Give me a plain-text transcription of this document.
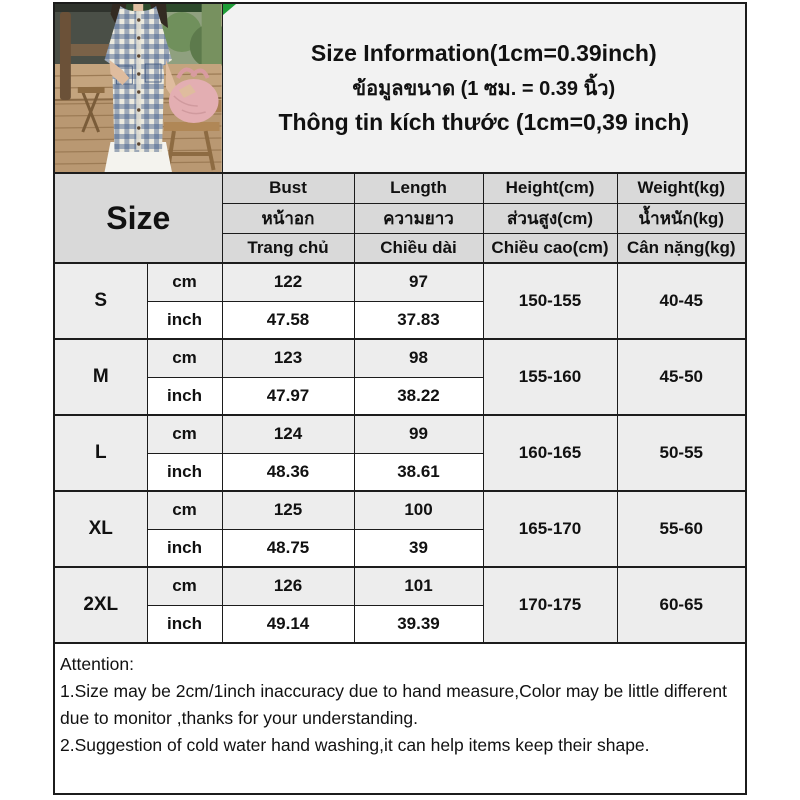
Size Information(1cm=0.39inch)
ข้อมูลขนาด (1 ซม. = 0.39 นิ้ว)
Thông tin kích thước (1cm=0,39 inch)			

Size		Bust	Length	Height(cm)	Weight(kg)
		หน้าอก	ความยาว	ส่วนสูง(cm)	น้ำหนัก(kg)
		Trang chủ	Chiều dài	Chiều cao(cm)	Cân nặng(kg)
S	cm	122	97	150-155	40-45
	inch	47.58	37.83		
M	cm	123	98	155-160	45-50
	inch	47.97	38.22		
L	cm	124	99	160-165	50-55
	inch	48.36	38.61		
XL	cm	125	100	165-170	55-60
	inch	48.75	39		
2XL	cm	126	101	170-175	60-65
	inch	49.14	39.39		

Attention:
1.Size may be 2cm/1inch inaccuracy due to hand measure,Color may be little different
due to monitor ,thanks for your understanding.
2.Suggestion of cold water hand washing,it can help items keep their shape.					
